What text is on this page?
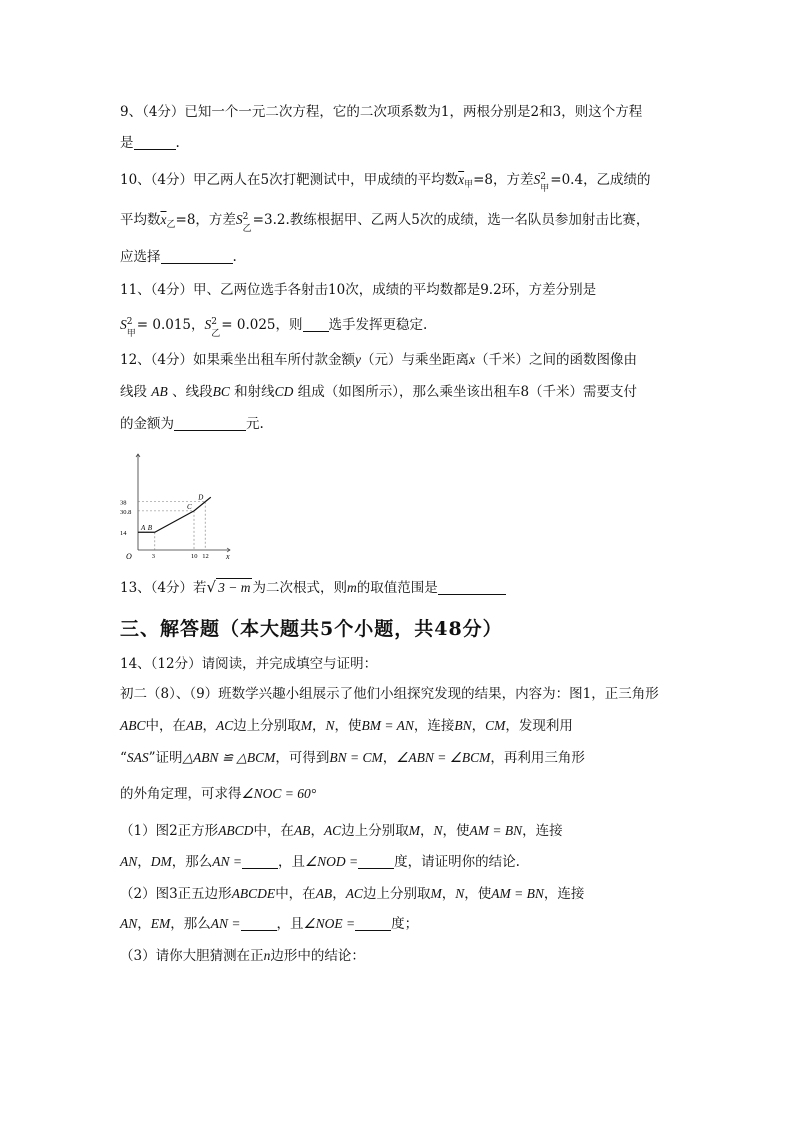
9、（4分）已知一个一元二次方程，它的二次项系数为1，两根分别是2和3，则这个方程
是	.
10、（4分）甲乙两人在5次打靶测试中，甲成绩的平均数$\overline{x}_甲=8$，方差S 2
甲
=0.4，乙成绩的
平均数$\overline{x}_乙=8$，方差S 2
乙
=3.2.教练根据甲、乙两人5次的成绩，选一名队员参加射击比赛，
应选择	.
11、（4分）甲、乙两位选手各射击10次，成绩的平均数都是9.2环，方差分别是
S 2
甲
= 0.015，S 2
乙
= 0.025，则 选手发挥更稳定.
12、（4分）如果乘坐出租车所付款金额y（元）与乘坐距离x（千米）之间的函数图像由
线段 AB 、线段BC 和射线CD 组成（如图所示），那么乘坐该出租车8（千米）需要支付
的金额为	元.
x
O
A B
C
D
14
30.8
38
3	10 12
13、（4分）若√ 3 − m 为二次根式，则m的取值范围是
三、解答题（本大题共5个小题，共48分）
14、（12分）请阅读，并完成填空与证明：
初二（8）、（9）班数学兴趣小组展示了他们小组探究发现的结果，内容为：图1，正三角形
ABC中，在AB，AC边上分别取M，N，使BM = AN，连接BN，CM，发现利用
“SAS”证明△ABN ≌ △BCM，可得到BN = CM，∠ABN = ∠BCM，再利用三角形
的外角定理，可求得∠NOC = 60°
（1）图2正方形ABCD中，在AB，AC边上分别取M，N，使AM = BN，连接
AN，DM，那么AN =	，且∠NOD =	度，请证明你的结论.
（2）图3正五边形ABCDE中，在AB，AC边上分别取M，N，使AM = BN，连接
AN，EM，那么AN =	，且∠NOE =	度；
（3）请你大胆猜测在正n边形中的结论：
